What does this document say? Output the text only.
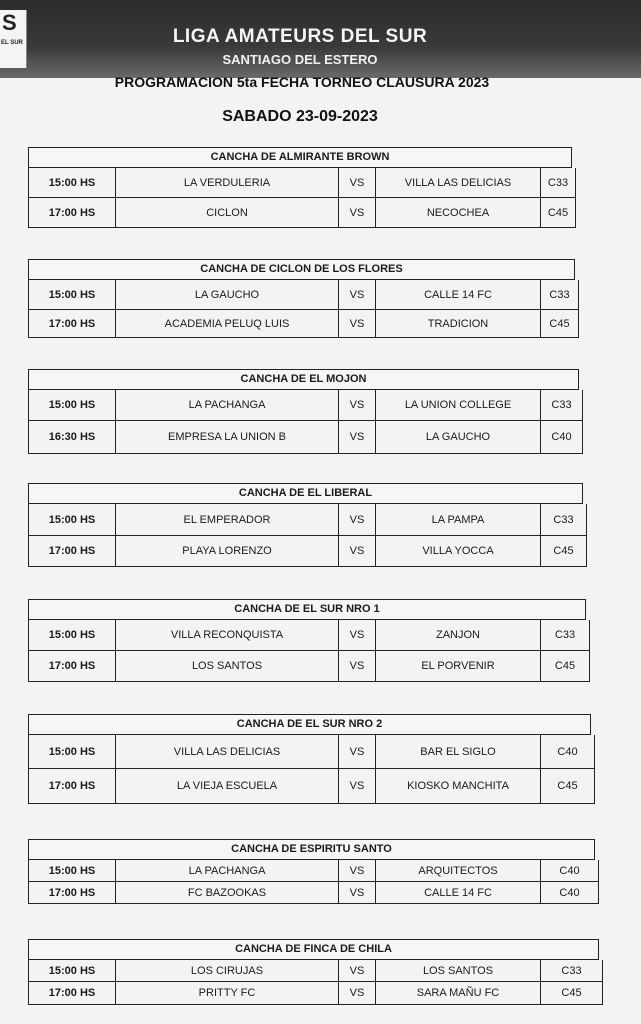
S
EL SUR	LIGA AMATEURS DEL SUR
SANTIAGO DEL ESTERO
PROGRAMACION 5ta FECHA TORNEO CLAUSURA 2023
SABADO 23-09-2023
CANCHA DE ALMIRANTE BROWN
15:00 HS	LA VERDULERIA	VS	VILLA LAS DELICIAS	C33
17:00 HS	CICLON	VS	NECOCHEA	C45
CANCHA DE CICLON DE LOS FLORES
15:00 HS	LA GAUCHO	VS	CALLE 14 FC	C33
17:00 HS	ACADEMIA PELUQ LUIS	VS	TRADICION	C45
CANCHA DE EL MOJON
15:00 HS	LA PACHANGA	VS	LA UNION COLLEGE	C33
16:30 HS	EMPRESA LA UNION B	VS	LA GAUCHO	C40
CANCHA DE EL LIBERAL
15:00 HS	EL EMPERADOR	VS	LA PAMPA	C33
17:00 HS	PLAYA LORENZO	VS	VILLA YOCCA	C45
CANCHA DE EL SUR NRO 1
15:00 HS	VILLA RECONQUISTA	VS	ZANJON	C33
17:00 HS	LOS SANTOS	VS	EL PORVENIR	C45
CANCHA DE EL SUR NRO 2
15:00 HS	VILLA LAS DELICIAS	VS	BAR EL SIGLO	C40
17:00 HS	LA VIEJA ESCUELA	VS	KIOSKO MANCHITA	C45
CANCHA DE ESPIRITU SANTO
15:00 HS	LA PACHANGA	VS	ARQUITECTOS	C40
17:00 HS	FC BAZOOKAS	VS	CALLE 14 FC	C40
CANCHA DE FINCA DE CHILA
15:00 HS	LOS CIRUJAS	VS	LOS SANTOS	C33
17:00 HS	PRITTY FC	VS	SARA MAÑU FC	C45
